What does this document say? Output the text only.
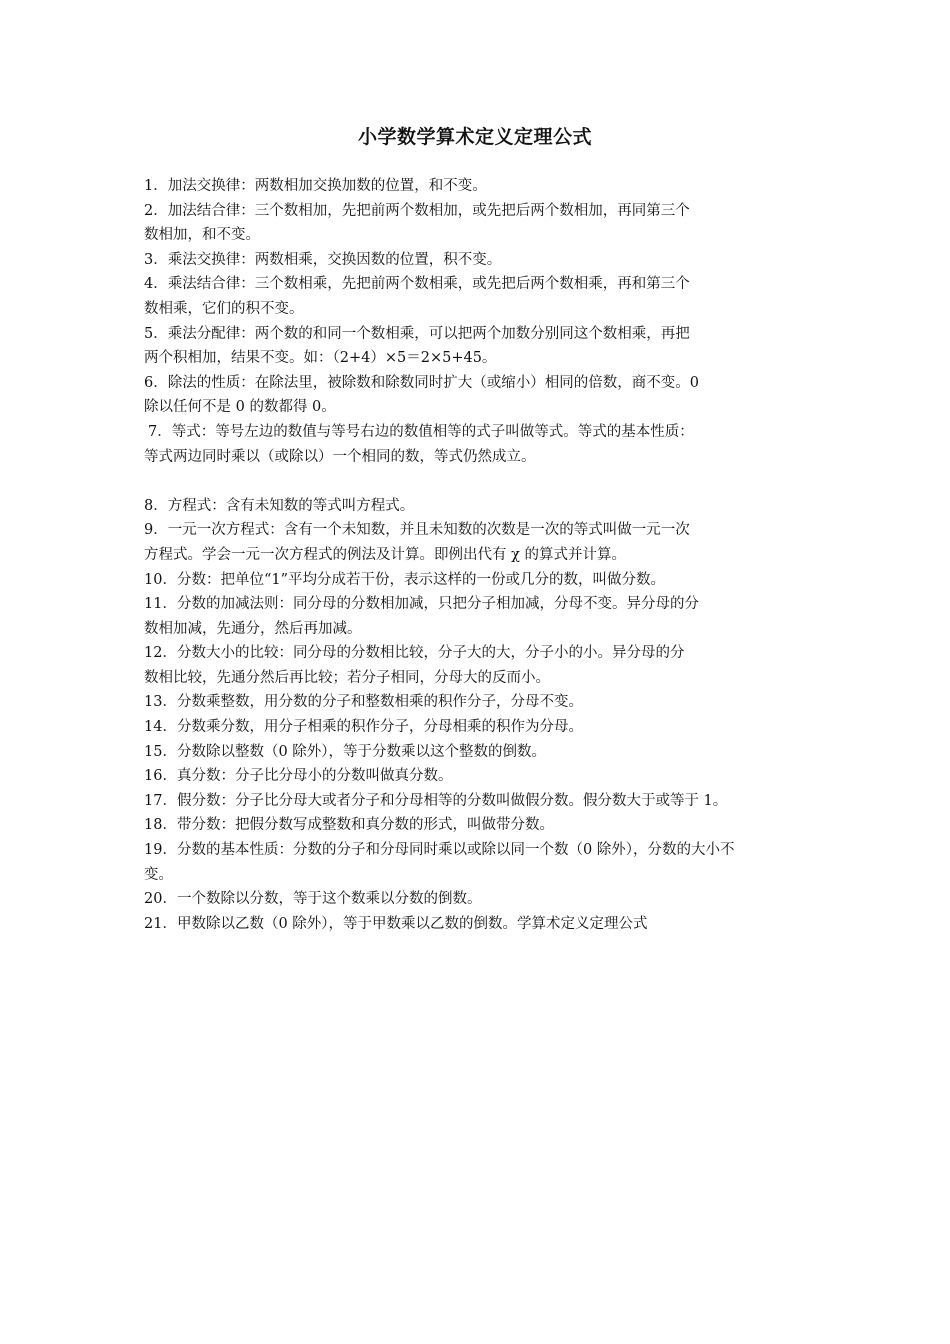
小学数学算术定义定理公式
1．加法交换律：两数相加交换加数的位置，和不变。
2．加法结合律：三个数相加，先把前两个数相加，或先把后两个数相加，再同第三个
数相加，和不变。
3．乘法交换律：两数相乘，交换因数的位置，积不变。
4．乘法结合律：三个数相乘，先把前两个数相乘，或先把后两个数相乘，再和第三个
数相乘，它们的积不变。
5．乘法分配律：两个数的和同一个数相乘，可以把两个加数分别同这个数相乘，再把
两个积相加，结果不变。如：（2+4）×5＝2×5+45。
6．除法的性质：在除法里，被除数和除数同时扩大（或缩小）相同的倍数，商不变。0
除以任何不是 0 的数都得 0。
7．等式：等号左边的数值与等号右边的数值相等的式子叫做等式。等式的基本性质：
等式两边同时乘以（或除以）一个相同的数，等式仍然成立。
8．方程式：含有未知数的等式叫方程式。
9．一元一次方程式：含有一个未知数，并且未知数的次数是一次的等式叫做一元一次
方程式。学会一元一次方程式的例法及计算。即例出代有 χ 的算式并计算。
10．分数：把单位“1”平均分成若干份，表示这样的一份或几分的数，叫做分数。
11．分数的加减法则：同分母的分数相加减，只把分子相加减，分母不变。异分母的分
数相加减，先通分，然后再加减。
12．分数大小的比较：同分母的分数相比较，分子大的大，分子小的小。异分母的分
数相比较，先通分然后再比较；若分子相同，分母大的反而小。
13．分数乘整数，用分数的分子和整数相乘的积作分子，分母不变。
14．分数乘分数，用分子相乘的积作分子，分母相乘的积作为分母。
15．分数除以整数（0 除外），等于分数乘以这个整数的倒数。
16．真分数：分子比分母小的分数叫做真分数。
17．假分数：分子比分母大或者分子和分母相等的分数叫做假分数。假分数大于或等于 1。
18．带分数：把假分数写成整数和真分数的形式，叫做带分数。
19．分数的基本性质：分数的分子和分母同时乘以或除以同一个数（0 除外），分数的大小不
变。
20．一个数除以分数，等于这个数乘以分数的倒数。
21．甲数除以乙数（0 除外），等于甲数乘以乙数的倒数。学算术定义定理公式
